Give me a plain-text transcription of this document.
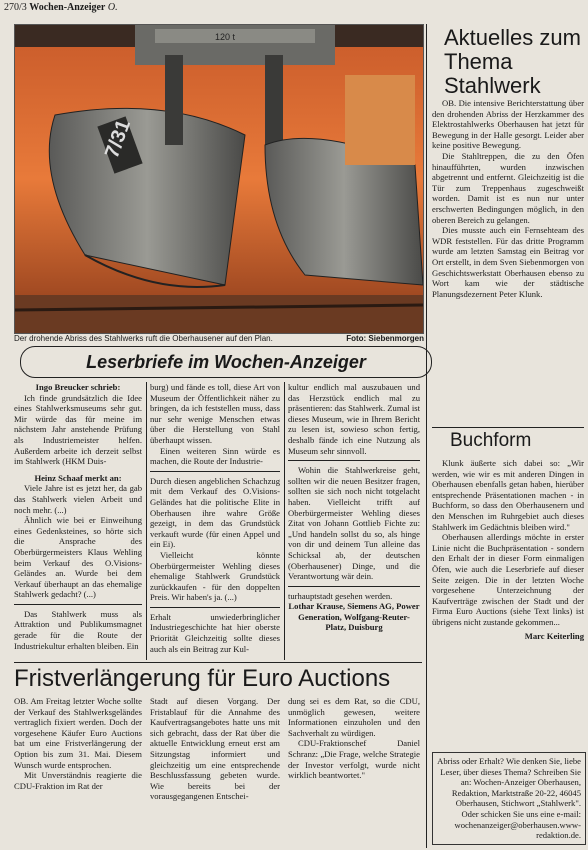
270/3 Wochen-Anzeiger O.
120 t
7/31
Der drohende Abriss des Stahlwerks ruft die Oberhausener auf den Plan.	Foto: Siebenmorgen
Leserbriefe im Wochen-Anzeiger

Ingo Breucker schrieb:

Ich finde grundsätzlich die Idee eines Stahlwerksmuseums sehr gut. Mir würde das für meine im nächstem Jahr anstehende Prüfung als Industriemeister helfen. Außerdem arbeite ich derzeit selbst im Stahlwerk (HKM Duis-

Heinz Schaaf merkt an:

Viele Jahre ist es jetzt her, da gab das Stahlwerk vielen Arbeit und noch mehr. (...)

Ähnlich wie bei er Einweihung eines Gedenksteines, so hörte sich die Ansprache des Oberbürgermeisters Klaus Wehling beim Verkauf des O.Visions-Geländes an. Wurde bei dem Verkauf überhaupt an das ehemalige Stahlwerk gedacht? (...)

Das Stahlwerk muss als Attraktion und Publikumsmagnet gerade für die Route der Industriekultur erhalten bleiben. Ein

burg) und fände es toll, diese Art von Museum der Öffentlichkeit näher zu bringen, da ich feststellen muss, dass nur sehr wenige Menschen etwas über die Herstellung von Stahl überhaupt wissen.

Einen weiteren Sinn würde es machen, die Route der Industrie-

Durch diesen angeblichen Schachzug mit dem Verkauf des O.Visions-Geländes hat die politische Elite in Oberhausen ihre wahre Größe gezeigt, in dem das Grundstück verkauft wurde (für einen Appel und ein Ei).

Vielleicht könnte Oberbürgermeister Wehling dieses ehemalige Stahlwerk Grundstück zurückkaufen - für den doppelten Preis. Wir haben's ja. (...)

Erhalt unwiederbringlicher Industriegeschichte hat hier oberste Priorität Gleichzeitig sollte dieses auch als ein Beitrag zur Kul-

kultur endlich mal auszubauen und das Herzstück endlich mal zu präsentieren: das Stahlwerk. Zumal ist dieses Museum, wie in Ihrem Bericht zu lesen ist, sowieso schon fertig, deshalb fände ich eine Nutzung als Museum sehr sinnvoll.

Wohin die Stahlwerkreise geht, sollten wir die neuen Besitzer fragen, sollten sie sich noch nicht totgelacht haben. Vielleicht trifft auf Oberbürgermeister Wehling dieses Zitat von Johann Gottlieb Fichte zu: „Und handeln sollst du so, als hinge von dir und deinem Tun alleine das Schicksal ab, der deutschen (Oberhausener) Dinge, und die Verantwortung wär dein.

turhauptstadt gesehen werden.

Lothar Krause, Siemens AG, Power Generation, Wolfgang-Reuter-Platz, Duisburg

Aktuelles zum Thema Stahlwerk

OB. Die intensive Berichterstattung über den drohenden Abriss der Herzkammer des Elektrostahlwerks Oberhausen hat jetzt für Bewegung in der Halle gesorgt. Leider aber keine positive Bewegung.

Die Stahltreppen, die zu den Öfen hinaufführten, wurden inzwischen abgetrennt und entfernt. Gleichzeitig ist die Tür zum Treppenhaus zugeschweißt worden. Damit ist es nun nur unter erschwerten Bedingungen möglich, in den oberen Bereich zu gelangen.

Dies musste auch ein Fernsehteam des WDR feststellen. Für das dritte Programm wurde am letzten Samstag ein Beitrag vor Ort erstellt, in dem Sven Siebenmorgen von Geschichtswerkstatt Oberhausen ebenso zu Wort kam wie der städtische Planungsdezernent Peter Klunk.

Buchform

Klunk äußerte sich dabei so: „Wir werden, wie wir es mit anderen Dingen in Oberhausen ebenfalls getan haben, hierüber entsprechende Präsentationen machen - in Buchform, so dass den Oberhausenern und den Menschen im Ruhrgebiet auch dieses Stahlwerk im Gedächtnis bleiben wird."

Oberhausen allerdings möchte in erster Linie nicht die Buchpräsentation - sondern den Erhalt der in dieser Form einmaligen Öfen, wie auch die Leserbriefe auf dieser Seite zeigen. Die in der letzten Woche vorgesehene Unterzeichnung der Kaufverträge zwischen der Stadt und der Firma Euro Auctions (siehe Text links) ist übrigens nicht zustande gekommen...

Marc Keiterling

Abriss oder Erhalt? Wie denken Sie, liebe Leser, über dieses Thema? Schreiben Sie an: Wochen-Anzeiger Oberhausen, Redaktion, Marktstraße 20-22, 46045 Oberhausen, Stichwort „Stahlwerk". Oder schicken Sie uns eine e-mail: wochenanzeiger@oberhausen.www-redaktion.de.
Fristverlängerung für Euro Auctions

OB. Am Freitag letzter Woche sollte der Verkauf des Stahlwerksgeländes vertraglich fixiert werden. Doch der vorgesehene Käufer Euro Auctions bat um eine Fristverlängerung der Option bis zum 31. Mai. Diesem Wunsch wurde entsprochen.

Mit Unverständnis reagierte die CDU-Fraktion im Rat der

Stadt auf diesen Vorgang. Der Fristablauf für die Annahme des Kaufvertragsangebotes hatte uns mit sich gebracht, dass der Rat über die aktuelle Entwicklung erneut erst am Sitzungstag informiert und gleichzeitig um eine entsprechende Beschlussfassung gebeten wurde. Wie bereits bei der vorausgegangenen Entschei-

dung sei es dem Rat, so die CDU, unmöglich gewesen, weitere Informationen einzuholen und den Sachverhalt zu würdigen.

CDU-Fraktionschef Daniel Schranz: „Die Frage, welche Strategie der Investor verfolgt, wurde nicht wirklich beantwortet."
